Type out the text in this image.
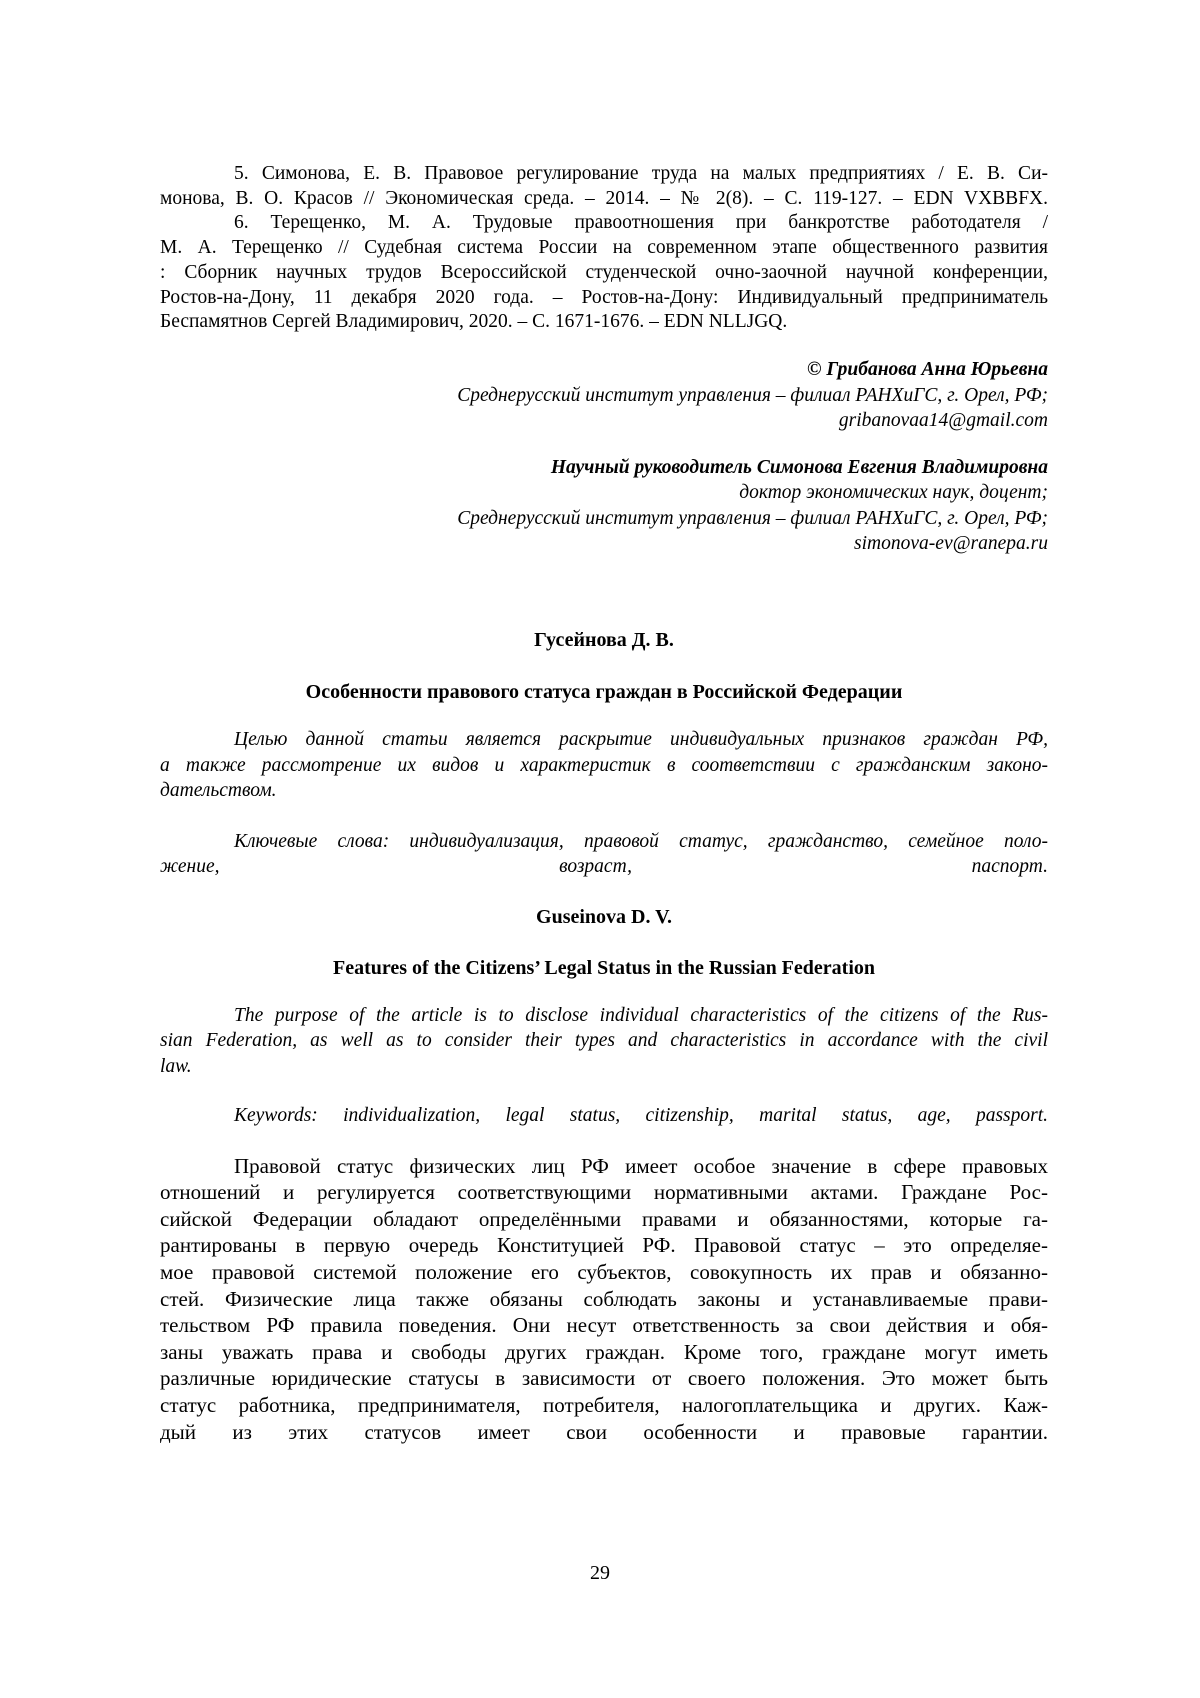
5. Симонова, Е. В. Правовое регулирование труда на малых предприятиях / Е. В. Си-

монова, В. О. Красов // Экономическая среда. – 2014. – № 2(8). – С. 119-127. – EDN VXBBFX.

6. Терещенко, М. А. Трудовые правоотношения при банкротстве работодателя /

М. А. Терещенко // Судебная система России на современном этапе общественного развития

: Сборник научных трудов Всероссийской студенческой очно-заочной научной конференции,

Ростов-на-Дону, 11 декабря 2020 года. – Ростов-на-Дону: Индивидуальный предприниматель

Беспамятнов Сергей Владимирович, 2020. – С. 1671-1676. – EDN NLLJGQ.

© Грибанова Анна Юрьевна

Среднерусский институт управления – филиал РАНХиГС, г. Орел, РФ;

gribanovaa14@gmail.com

Научный руководитель Симонова Евгения Владимировна

доктор экономических наук, доцент;

Среднерусский институт управления – филиал РАНХиГС, г. Орел, РФ;

simonova-ev@ranepa.ru

Гусейнова Д. В.

Особенности правового статуса граждан в Российской Федерации

Целью данной статьи является раскрытие индивидуальных признаков граждан РФ,

а также рассмотрение их видов и характеристик в соответствии с гражданским законо-

дательством.

Ключевые слова: индивидуализация, правовой статус, гражданство, семейное поло-

жение, возраст, паспорт.

Guseinova D. V.

Features of the Citizens’ Legal Status in the Russian Federation

The purpose of the article is to disclose individual characteristics of the citizens of the Rus-

sian Federation, as well as to consider their types and characteristics in accordance with the civil

law.

Keywords: individualization, legal status, citizenship, marital status, age, passport.

Правовой статус физических лиц РФ имеет особое значение в сфере правовых

отношений и регулируется соответствующими нормативными актами. Граждане Рос-

сийской Федерации обладают определёнными правами и обязанностями, которые га-

рантированы в первую очередь Конституцией РФ. Правовой статус – это определяе-

мое правовой системой положение его субъектов, совокупность их прав и обязанно-

стей. Физические лица также обязаны соблюдать законы и устанавливаемые прави-

тельством РФ правила поведения. Они несут ответственность за свои действия и обя-

заны уважать права и свободы других граждан. Кроме того, граждане могут иметь

различные юридические статусы в зависимости от своего положения. Это может быть

статус работника, предпринимателя, потребителя, налогоплательщика и других. Каж-

дый из этих статусов имеет свои особенности и правовые гарантии.

29
